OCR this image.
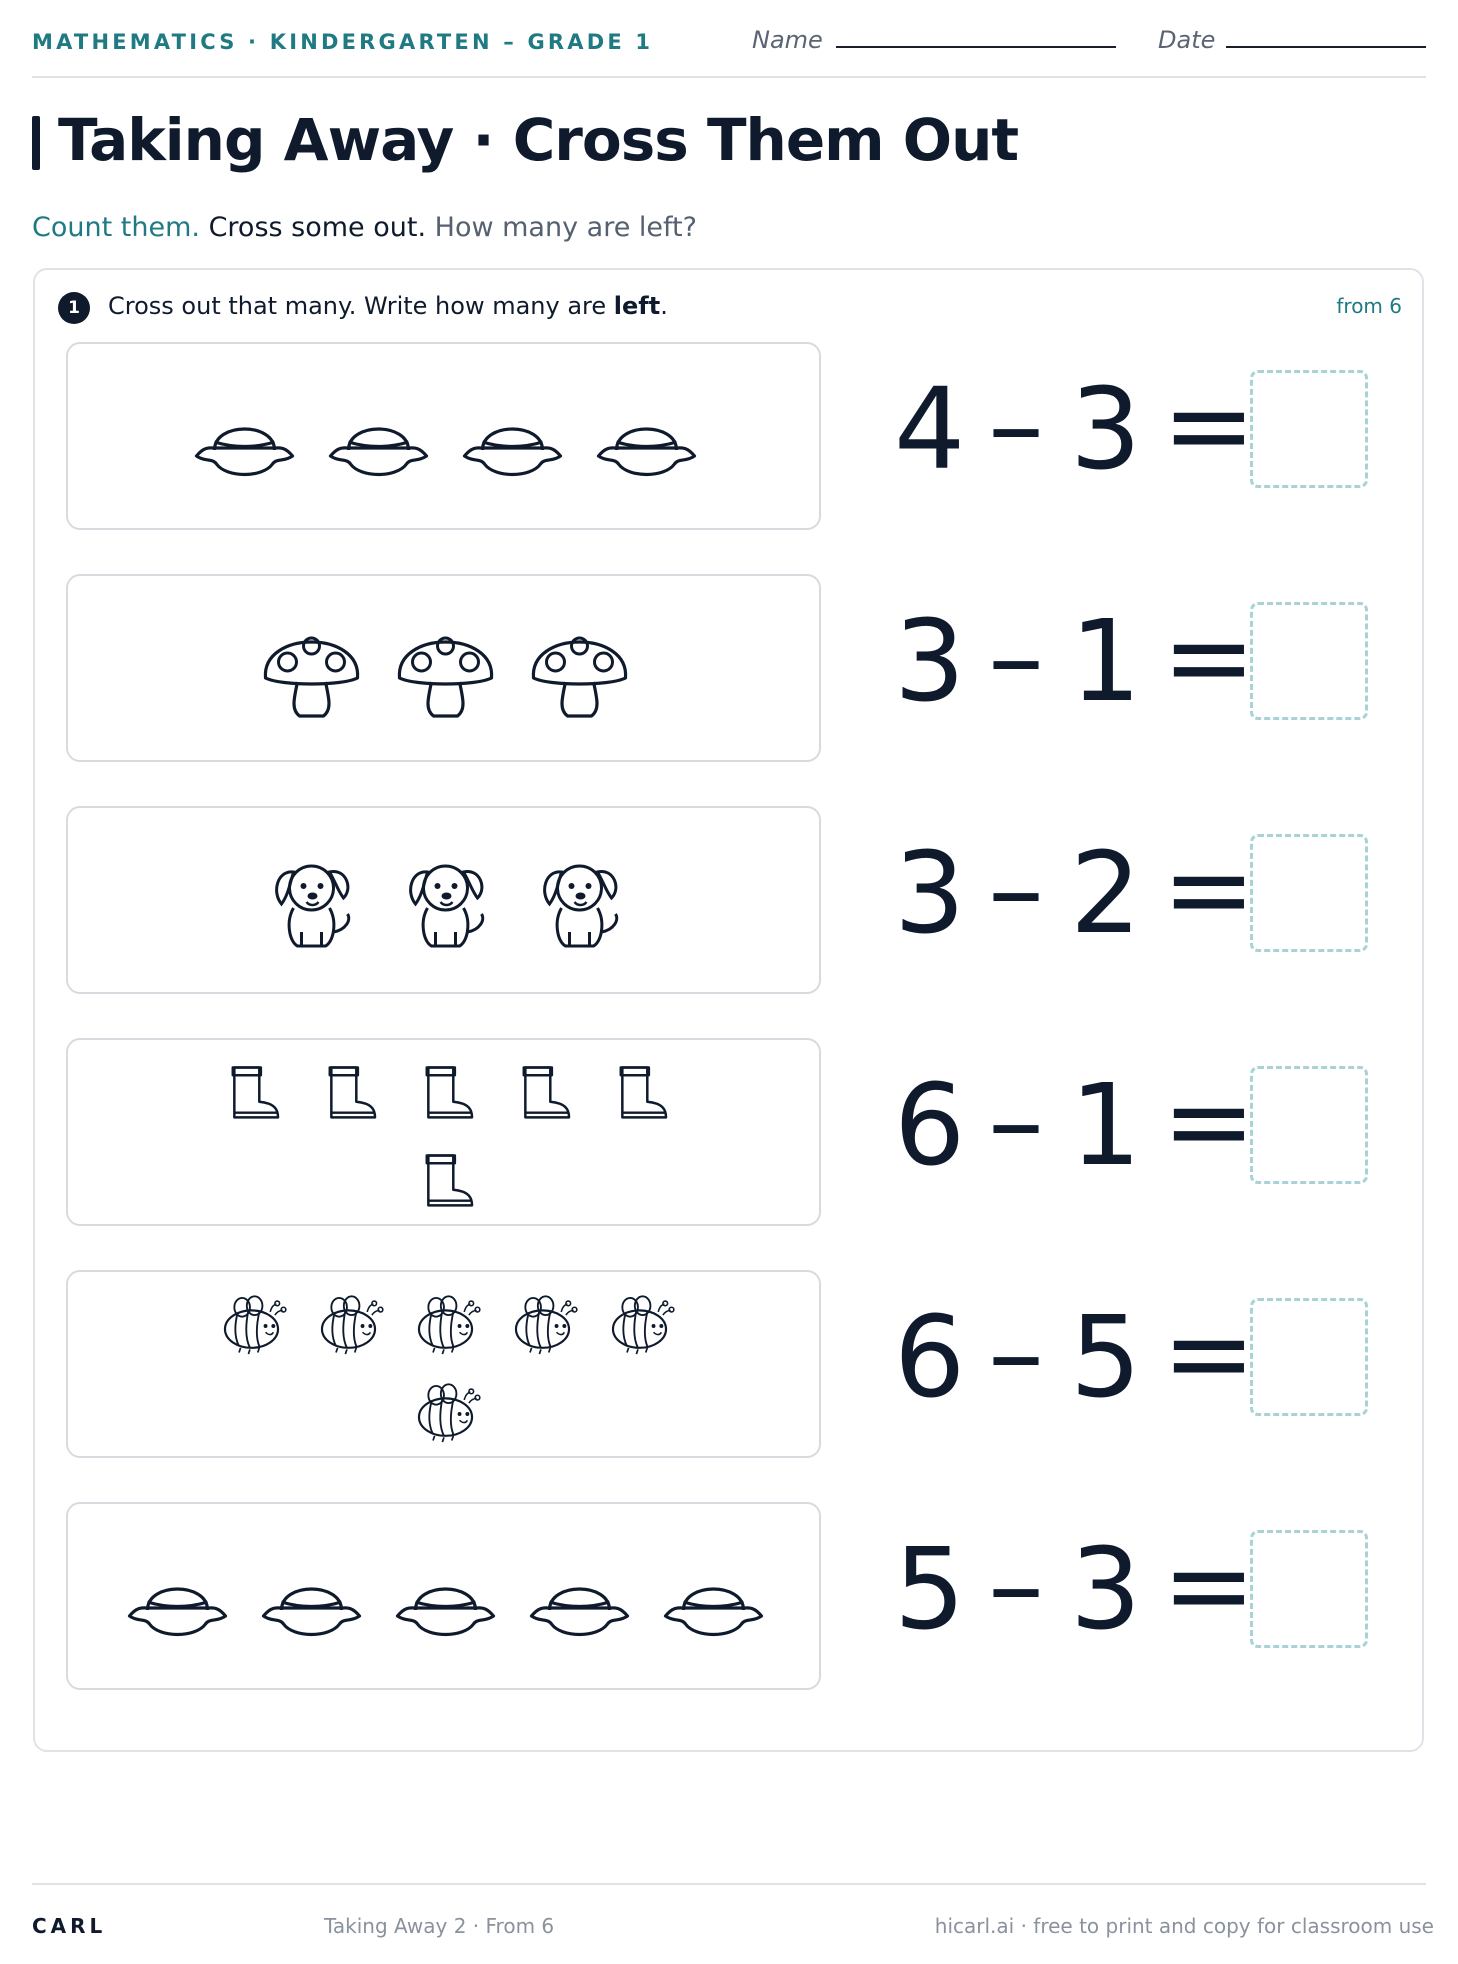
MATHEMATICS · KINDERGARTEN – GRADE 1	Name	Date
Taking Away · Cross Them Out
Count them. Cross some out. How many are left?
1	Cross out that many. Write how many are left.	from 6
4 – 3 =
3 – 1 =
3 – 2 =
6 – 1 =
6 – 5 =
5 – 3 =
CARL	Taking Away 2 · From 6	hicarl.ai · free to print and copy for classroom use
